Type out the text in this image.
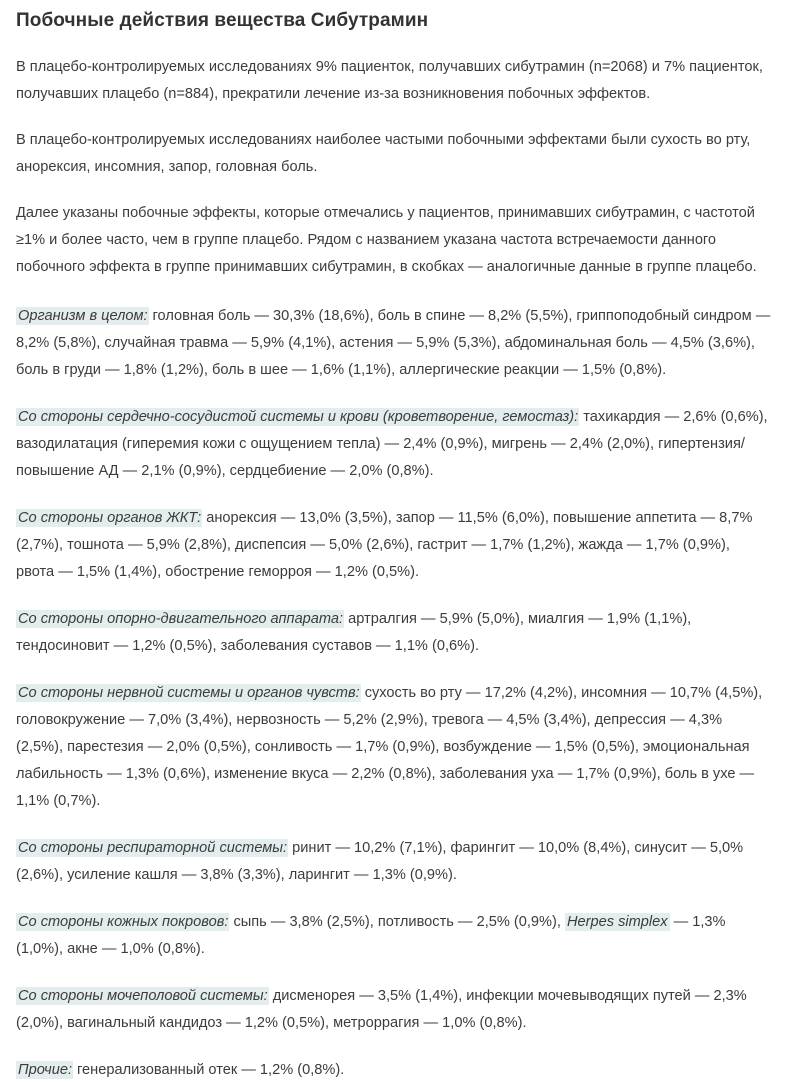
Побочные действия вещества Сибутрамин

В плацебо-контролируемых исследованиях 9% пациенток, получавших сибутрамин (n=2068) и 7% пациенток, получавших плацебо (n=884), прекратили лечение из-за возникновения побочных эффектов.

В плацебо-контролируемых исследованиях наиболее частыми побочными эффектами были сухость во рту, анорексия, инсомния, запор, головная боль.

Далее указаны побочные эффекты, которые отмечались у пациентов, принимавших сибутрамин, с частотой ≥1% и более часто, чем в группе плацебо. Рядом с названием указана частота встречаемости данного побочного эффекта в группе принимавших сибутрамин, в скобках — аналогичные данные в группе плацебо.

Организм в целом: головная боль — 30,3% (18,6%), боль в спине — 8,2% (5,5%), гриппоподобный синдром — 8,2% (5,8%), случайная травма — 5,9% (4,1%), астения — 5,9% (5,3%), абдоминальная боль — 4,5% (3,6%), боль в груди — 1,8% (1,2%), боль в шее — 1,6% (1,1%), аллергические реакции — 1,5% (0,8%).

Со стороны сердечно-сосудистой системы и крови (кроветворение, гемостаз): тахикардия — 2,6% (0,6%), вазодилатация (гиперемия кожи с ощущением тепла) — 2,4% (0,9%), мигрень — 2,4% (2,0%), гипертензия/повышение АД — 2,1% (0,9%), сердцебиение — 2,0% (0,8%).

Со стороны органов ЖКТ: анорексия — 13,0% (3,5%), запор — 11,5% (6,0%), повышение аппетита — 8,7% (2,7%), тошнота — 5,9% (2,8%), диспепсия — 5,0% (2,6%), гастрит — 1,7% (1,2%), жажда — 1,7% (0,9%), рвота — 1,5% (1,4%), обострение геморроя — 1,2% (0,5%).

Со стороны опорно-двигательного аппарата: артралгия — 5,9% (5,0%), миалгия — 1,9% (1,1%), тендосиновит — 1,2% (0,5%), заболевания суставов — 1,1% (0,6%).

Со стороны нервной системы и органов чувств: сухость во рту — 17,2% (4,2%), инсомния — 10,7% (4,5%), головокружение — 7,0% (3,4%), нервозность — 5,2% (2,9%), тревога — 4,5% (3,4%), депрессия — 4,3% (2,5%), парестезия — 2,0% (0,5%), сонливость — 1,7% (0,9%), возбуждение — 1,5% (0,5%), эмоциональная лабильность — 1,3% (0,6%), изменение вкуса — 2,2% (0,8%), заболевания уха — 1,7% (0,9%), боль в ухе — 1,1% (0,7%).

Со стороны респираторной системы: ринит — 10,2% (7,1%), фарингит — 10,0% (8,4%), синусит — 5,0% (2,6%), усиление кашля — 3,8% (3,3%), ларингит — 1,3% (0,9%).

Со стороны кожных покровов: сыпь — 3,8% (2,5%), потливость — 2,5% (0,9%), Herpes simplex — 1,3% (1,0%), акне — 1,0% (0,8%).

Со стороны мочеполовой системы: дисменорея — 3,5% (1,4%), инфекции мочевыводящих путей — 2,3% (2,0%), вагинальный кандидоз — 1,2% (0,5%), метроррагия — 1,0% (0,8%).

Прочие: генерализованный отек — 1,2% (0,8%).
